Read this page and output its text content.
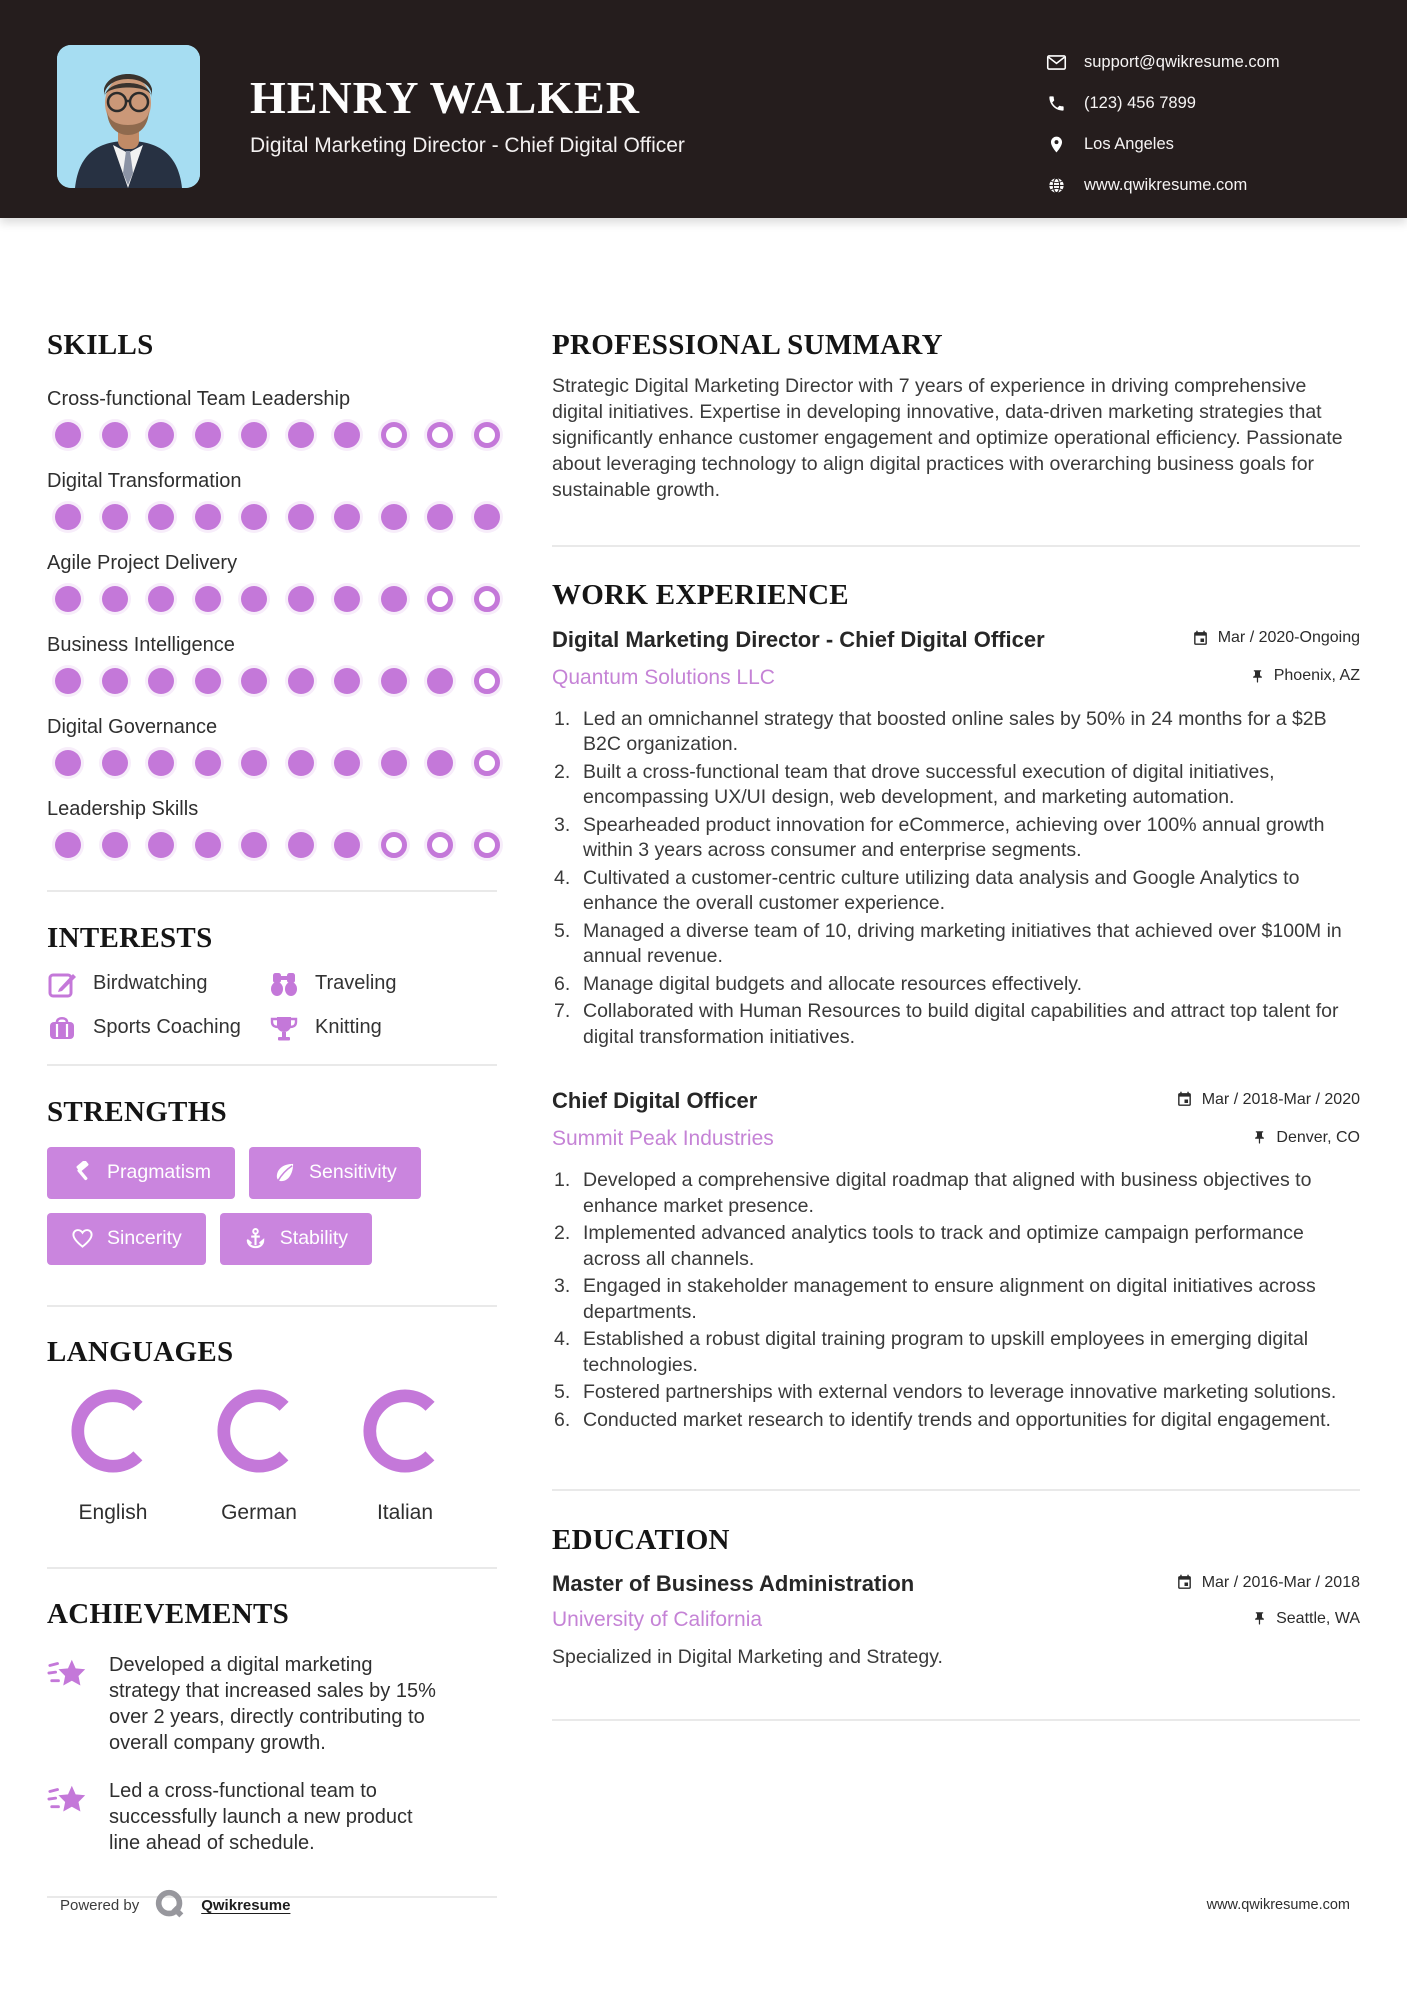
HENRY WALKER
Digital Marketing Director - Chief Digital Officer
support@qwikresume.com
(123) 456 7899
Los Angeles
www.qwikresume.com
SKILLS
Cross-functional Team Leadership
Digital Transformation
Agile Project Delivery
Business Intelligence
Digital Governance
Leadership Skills
INTERESTS
Birdwatching	Traveling
Sports Coaching	Knitting
STRENGTHS
Pragmatism	Sensitivity
Sincerity	Stability
LANGUAGES
English	German	Italian
ACHIEVEMENTS
Developed a digital marketing strategy that increased sales by 15% over 2 years, directly contributing to overall company growth.
Led a cross-functional team to successfully launch a new product line ahead of schedule.
PROFESSIONAL SUMMARY

Strategic Digital Marketing Director with 7 years of experience in driving comprehensive digital initiatives. Expertise in developing innovative, data-driven marketing strategies that significantly enhance customer engagement and optimize operational efficiency. Passionate about leveraging technology to align digital practices with overarching business goals for sustainable growth.

WORK EXPERIENCE
Digital Marketing Director - Chief Digital Officer	Mar / 2020-Ongoing
Quantum Solutions LLC	Phoenix, AZ
Led an omnichannel strategy that boosted online sales by 50% in 24 months for a $2B B2C organization.
Built a cross-functional team that drove successful execution of digital initiatives, encompassing UX/UI design, web development, and marketing automation.
Spearheaded product innovation for eCommerce, achieving over 100% annual growth within 3 years across consumer and enterprise segments.
Cultivated a customer-centric culture utilizing data analysis and Google Analytics to enhance the overall customer experience.
Managed a diverse team of 10, driving marketing initiatives that achieved over $100M in annual revenue.
Manage digital budgets and allocate resources effectively.
Collaborated with Human Resources to build digital capabilities and attract top talent for digital transformation initiatives.
Chief Digital Officer	Mar / 2018-Mar / 2020
Summit Peak Industries	Denver, CO
Developed a comprehensive digital roadmap that aligned with business objectives to enhance market presence.
Implemented advanced analytics tools to track and optimize campaign performance across all channels.
Engaged in stakeholder management to ensure alignment on digital initiatives across departments.
Established a robust digital training program to upskill employees in emerging digital technologies.
Fostered partnerships with external vendors to leverage innovative marketing solutions.
Conducted market research to identify trends and opportunities for digital engagement.
EDUCATION
Master of Business Administration	Mar / 2016-Mar / 2018
University of California	Seattle, WA

Specialized in Digital Marketing and Strategy.

Powered by	Qwikresume	www.qwikresume.com
